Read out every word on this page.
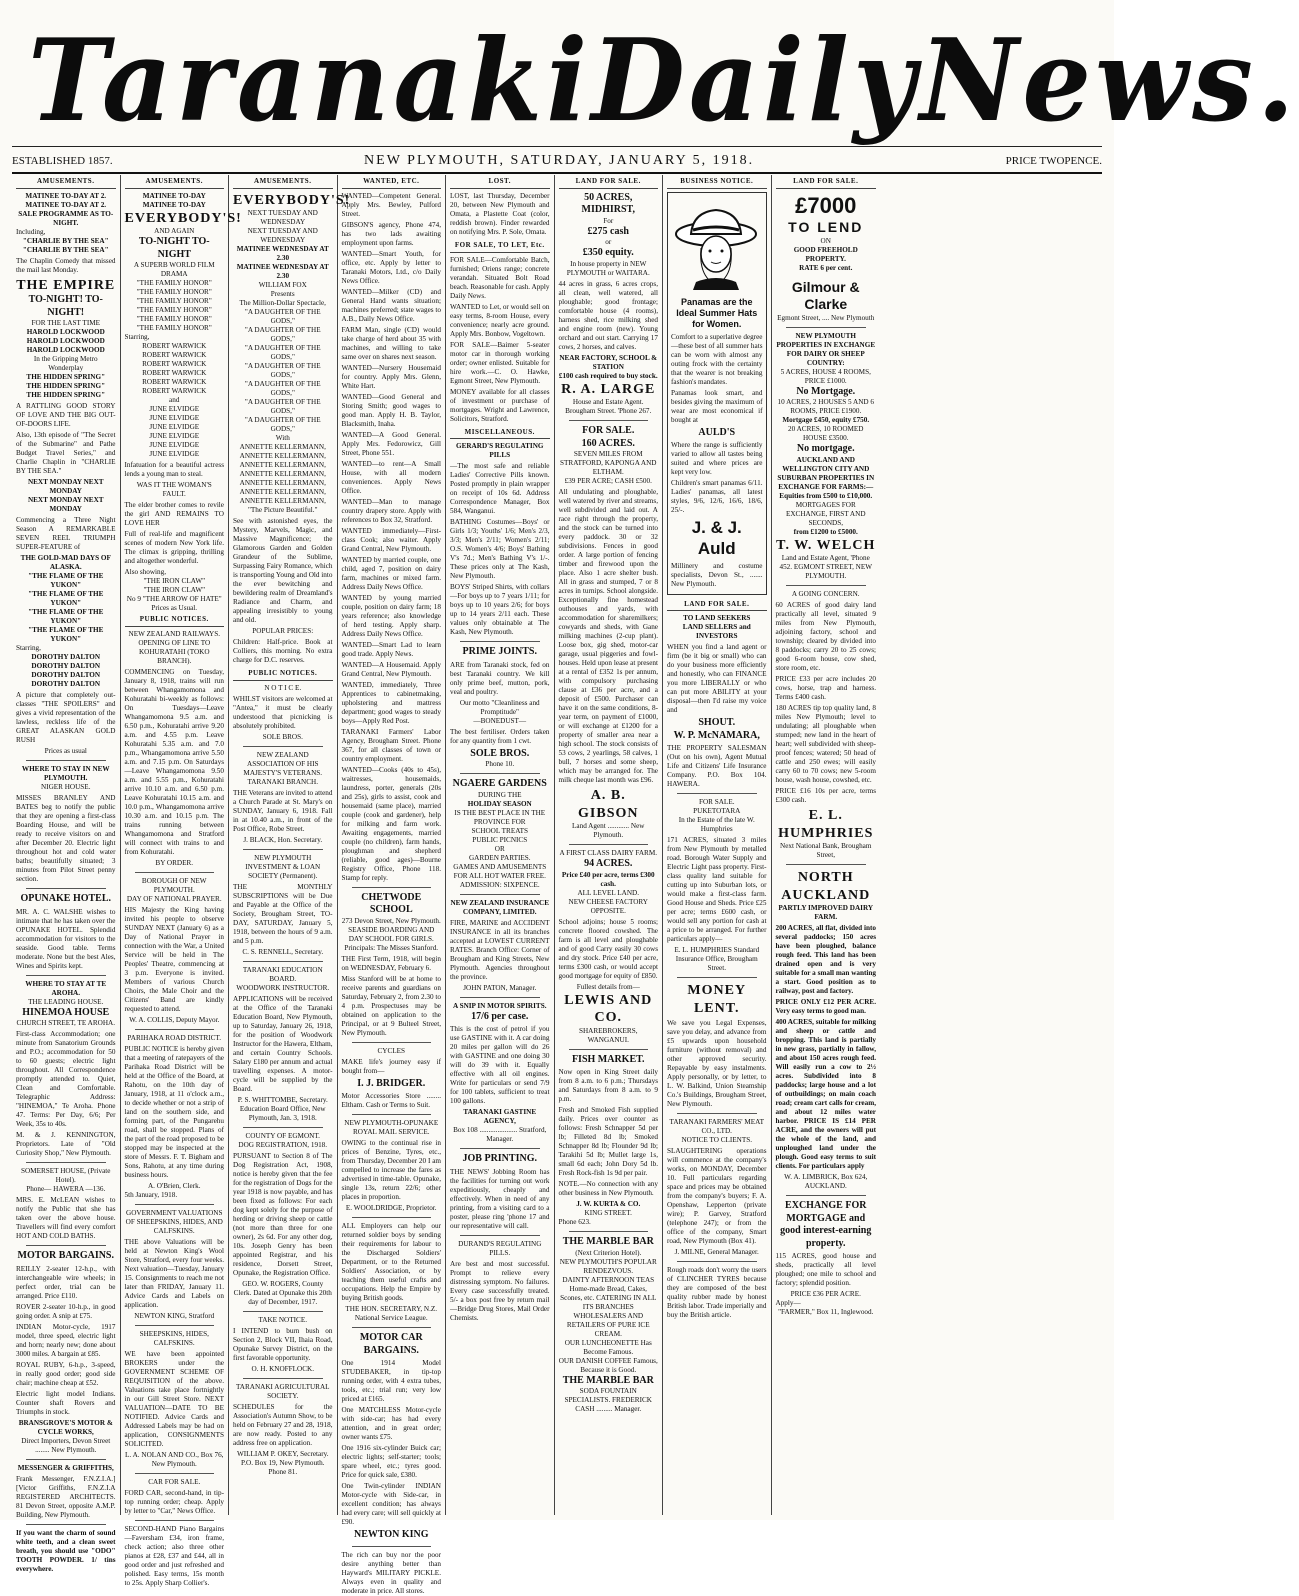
Taranaki Daily News.
ESTABLISHED 1857.	NEW PLYMOUTH, SATURDAY, JANUARY 5, 1918.	PRICE TWOPENCE.
AMUSEMENTS.
MATINEE TO-DAY AT 2.
MATINEE TO-DAY AT 2.
SALE PROGRAMME AS TO-NIGHT.
Including,
"CHARLIE BY THE SEA"
"CHARLIE BY THE SEA"

The Chaplin Comedy that missed the mail last Monday.

THE EMPIRE
TO-NIGHT! TO-NIGHT!
FOR THE LAST TIME
HAROLD LOCKWOOD
HAROLD LOCKWOOD
HAROLD LOCKWOOD
In the Gripping Metro Wonderplay
THE HIDDEN SPRING"
THE HIDDEN SPRING"
THE HIDDEN SPRING"

A RATTLING GOOD STORY OF LOVE AND THE BIG OUT-OF-DOORS LIFE.

Also, 13th episode of "The Secret of the Submarine" and Pathe Budget Travel Series," and Charlie Chaplin in "CHARLIE BY THE SEA."

NEXT MONDAY NEXT MONDAY
NEXT MONDAY NEXT MONDAY

Commencing a Three Night Season A REMARKABLE SEVEN REEL TRIUMPH SUPER-FEATURE of

THE GOLD-MAD DAYS OF ALASKA.
"THE FLAME OF THE YUKON"
"THE FLAME OF THE YUKON"
"THE FLAME OF THE YUKON"
"THE FLAME OF THE YUKON"
Starring,
DOROTHY DALTON
DOROTHY DALTON
DOROTHY DALTON
DOROTHY DALTON

A picture that completely out-classes "THE SPOILERS" and gives a vivid representation of the lawless, reckless life of the GREAT ALASKAN GOLD RUSH

Prices as usual
WHERE TO STAY IN NEW PLYMOUTH.
NIGER HOUSE.

MISSES BRANLEY AND BATES beg to notify the public that they are opening a first-class Boarding House, and will be ready to receive visitors on and after December 20. Electric light throughout hot and cold water baths; beautifully situated; 3 minutes from Pilot Street penny section.

OPUNAKE HOTEL.

MR. A. C. WALSHE wishes to intimate that he has taken over the OPUNAKE HOTEL. Splendid accommodation for visitors to the seaside. Good table. Terms moderate. None but the best Ales, Wines and Spirits kept.

WHERE TO STAY AT TE AROHA.
THE LEADING HOUSE.
HINEMOA HOUSE
CHURCH STREET, TE AROHA.

First-class Accommodation; one minute from Sanatorium Grounds and P.O.; accommodation for 50 to 60 guests; electric light throughout. All Correspondence promptly attended to. Quiet, Clean and Comfortable. Telegraphic Address: "HINEMOA," Te Aroha. Phone 47. Terms: Per Day, 6/6; Per Week, 35s to 40s.

M. & J. KENNINGTON, Proprietors. Late of "Old Curiosity Shop," New Plymouth.

SOMERSET HOUSE, (Private Hotel).
Phone— HAWERA —136.

MRS. E. McLEAN wishes to notify the Public that she has taken over the above house. Travellers will find every comfort HOT AND COLD BATHS.

MOTOR BARGAINS.

REILLY 2-seater 12-h.p., with interchangeable wire wheels; in perfect order, trial can be arranged. Price £110.

ROVER 2-seater 10-h.p., in good going order. A snip at £75.

INDIAN Motor-cycle, 1917 model, three speed, electric light and horn; nearly new; done about 3000 miles. A bargain at £85.

ROYAL RUBY, 6-h.p., 3-speed, in really good order; good side chair; machine cheap at £52.

Electric light model Indians. Counter shaft Rovers and Triumphs in stock.

BRANSGROVE'S MOTOR & CYCLE WORKS,
Direct Importers, Devon Street ........ New Plymouth.
MESSENGER & GRIFFITHS,

Frank Messenger, F.N.Z.I.A.] [Victor Griffiths, F.N.Z.I.A REGISTERED ARCHITECTS. 81 Devon Street, opposite A.M.P. Building, New Plymouth.

If you want the charm of sound white teeth, and a clean sweet breath, you should use "ODO" TOOTH POWDER. 1/ tins everywhere.

AMUSEMENTS.
MATINEE TO-DAY
MATINEE TO-DAY
EVERYBODY'S!
AND AGAIN
TO-NIGHT TO-NIGHT
A SUPERB WORLD FILM DRAMA
"THE FAMILY HONOR"
"THE FAMILY HONOR"
"THE FAMILY HONOR"
"THE FAMILY HONOR"
"THE FAMILY HONOR"
"THE FAMILY HONOR"
Starring,
ROBERT WARWICK
ROBERT WARWICK
ROBERT WARWICK
ROBERT WARWICK
ROBERT WARWICK
ROBERT WARWICK
and
JUNE ELVIDGE
JUNE ELVIDGE
JUNE ELVIDGE
JUNE ELVIDGE
JUNE ELVIDGE
JUNE ELVIDGE

Infatuation for a beautiful actress lends a young man to steal.

WAS IT THE WOMAN'S FAULT.

The elder brother comes to revile the girl AND REMAINS TO LOVE HER

Full of real-life and magnificent scenes of modern New York life. The climax is gripping, thrilling and altogether wonderful.

Also showing,
"THE IRON CLAW"
"THE IRON CLAW"
No 9 "THE ARROW OF HATE"
Prices as Usual.
PUBLIC NOTICES.
NEW ZEALAND RAILWAYS.
OPENING OF LINE TO KOHURATAHI (TOKO BRANCH).

COMMENCING on Tuesday, January 8, 1918, trains will run between Whangamomona and Kohuratahi bi-weekly as follows: On Tuesdays—Leave Whangamomona 9.5 a.m. and 6.50 p.m., Kohuratahi arrive 9.20 a.m. and 4.55 p.m. Leave Kohuratahi 5.35 a.m. and 7.0 p.m., Whangamomona arrive 5.50 a.m. and 7.15 p.m. On Saturdays—Leave Whangamomona 9.50 a.m. and 5.55 p.m., Kohuratahi arrive 10.10 a.m. and 6.50 p.m. Leave Kohuratahi 10.15 a.m. and 10.0 p.m., Whangamomona arrive 10.30 a.m. and 10.15 p.m. The trains running between Whangamomona and Stratford will connect with trains to and from Kohuratahi.

BY ORDER.
BOROUGH OF NEW PLYMOUTH.
DAY OF NATIONAL PRAYER.

HIS Majesty the King having invited his people to observe SUNDAY NEXT (January 6) as a Day of National Prayer in connection with the War, a United Service will be held in The Peoples' Theatre, commencing at 3 p.m. Everyone is invited. Members of various Church Choirs, the Male Choir and the Citizens' Band are kindly requested to attend.

W. A. COLLIS, Deputy Mayor.
PARIHAKA ROAD DISTRICT.

PUBLIC NOTICE is hereby given that a meeting of ratepayers of the Parihaka Road District will be held at the Office of the Board, at Rahotu, on the 10th day of January, 1918, at 11 o'clock a.m., to decide whether or not a strip of land on the southern side, and forming part, of the Pungarehu road, shall be stopped. Plans of the part of the road proposed to be stopped may be inspected at the store of Messrs. F. T. Bigham and Sons, Rahotu, at any time during business hours.

A. O'Brien, Clerk.
5th January, 1918.
GOVERNMENT VALUATIONS OF SHEEPSKINS, HIDES, AND CALFSKINS.

THE above Valuations will be held at Newton King's Wool Store, Stratford, every four weeks. Next valuation—Tuesday, January 15. Consignments to reach me not later than FRIDAY, January 11. Advice Cards and Labels on application.

NEWTON KING, Stratford
SHEEPSKINS, HIDES, CALFSKINS.

WE have been appointed BROKERS under the GOVERNMENT SCHEME OF REQUISITION of the above. Valuations take place fortnightly in our Gill Street Store. NEXT VALUATION—DATE TO BE NOTIFIED. Advice Cards and Addressed Labels may be had on application, CONSIGNMENTS SOLICITED.

L. A. NOLAN AND CO., Box 76, New Plymouth.
CAR FOR SALE.

FORD CAR, second-hand, in tip-top running order; cheap. Apply by letter to "Car," News Office.

SECOND-HAND Piano Bargains—Faversham £34, iron frame, check action; also three other pianos at £28, £37 and £44, all in good order and just refreshed and polished. Easy terms, 15s month to 25s. Apply Sharp Collier's.

AMUSEMENTS.
EVERYBODY'S!
NEXT TUESDAY AND WEDNESDAY
NEXT TUESDAY AND WEDNESDAY
MATINEE WEDNESDAY AT 2.30
MATINEE WEDNESDAY AT 2.30
WILLIAM FOX
Presents
The Million-Dollar Spectacle,
"A DAUGHTER OF THE GODS,"
"A DAUGHTER OF THE GODS,"
"A DAUGHTER OF THE GODS,"
"A DAUGHTER OF THE GODS,"
"A DAUGHTER OF THE GODS,"
"A DAUGHTER OF THE GODS,"
"A DAUGHTER OF THE GODS,"
With
ANNETTE KELLERMANN,
ANNETTE KELLERMANN,
ANNETTE KELLERMANN,
ANNETTE KELLERMANN,
ANNETTE KELLERMANN,
ANNETTE KELLERMANN,
ANNETTE KELLERMANN,
"The Picture Beautiful."

See with astonished eyes, the Mystery, Marvels, Magic, and Massive Magnificence; the Glamorous Garden and Golden Grandeur of the Sublime, Surpassing Fairy Romance, which is transporting Young and Old into the ever bewitching and bewildering realm of Dreamland's Radiance and Charm, and appealing irresistibly to young and old.

POPULAR PRICES:

Children: Half-price. Book at Colliers, this morning. No extra charge for D.C. reserves.

PUBLIC NOTICES.
N O T I C E.

WHILST visitors are welcomed at "Antea," it must be clearly understood that picnicking is absolutely prohibited.

SOLE BROS.
NEW ZEALAND ASSOCIATION OF HIS MAJESTY'S VETERANS.
TARANAKI BRANCH.

THE Veterans are invited to attend a Church Parade at St. Mary's on SUNDAY, January 6, 1918. Fall in at 10.40 a.m., in front of the Post Office, Robe Street.

J. BLACK, Hon. Secretary.
NEW PLYMOUTH INVESTMENT & LOAN SOCIETY (Permanent).

THE MONTHLY SUBSCRIPTIONS will be Due and Payable at the Office of the Society, Brougham Street, TO-DAY, SATURDAY, January 5, 1918, between the hours of 9 a.m. and 5 p.m.

C. S. RENNELL, Secretary.
TARANAKI EDUCATION BOARD.
WOODWORK INSTRUCTOR.

APPLICATIONS will be received at the Office of the Taranaki Education Board, New Plymouth, up to Saturday, January 26, 1918, for the position of Woodwork Instructor for the Hawera, Eltham, and certain Country Schools. Salary £180 per annum and actual travelling expenses. A motor-cycle will be supplied by the Board.

P. S. WHITTOMBE, Secretary. Education Board Office, New Plymouth, Jan. 3, 1918.
COUNTY OF EGMONT.
DOG REGISTRATION, 1918.

PURSUANT to Section 8 of The Dog Registration Act, 1908, notice is hereby given that the fee for the registration of Dogs for the year 1918 is now payable, and has been fixed as follows: For each dog kept solely for the purpose of herding or driving sheep or cattle (not more than three for one owner), 2s 6d. For any other dog, 10s. Joseph Genry has been appointed Registrar, and his residence, Dorsett Street, Opunake, the Registration Office.

GEO. W. ROGERS, County Clerk. Dated at Opunake this 20th day of December, 1917.
TAKE NOTICE.

I INTEND to burn bush on Section 2, Block VII, Ihaia Road, Opunake Survey District, on the first favorable opportunity.

O. H. KNOFFLOCK.
TARANAKI AGRICULTURAL SOCIETY.

SCHEDULES for the Association's Autumn Show, to be held on February 27 and 28, 1918, are now ready. Posted to any address free on application.

WILLIAM P. OKEY, Secretary. P.O. Box 19, New Plymouth. Phone 81.
WANTED, ETC.

WANTED—Competent General. Apply Mrs. Bewley, Pulford Street.

GIBSON'S agency, Phone 474, has two lads awaiting employment upon farms.

WANTED—Smart Youth, for office, etc. Apply by letter to Taranaki Motors, Ltd., c/o Daily News Office.

WANTED—Milker (CD) and General Hand wants situation; machines preferred; state wages to A.B., Daily News Office.

FARM Man, single (CD) would take charge of herd about 35 with machines, and willing to take same over on shares next season.

WANTED—Nursery Housemaid for country. Apply Mrs. Glenn, White Hart.

WANTED—Good General and Storing Smith; good wages to good man. Apply H. B. Taylor, Blacksmith, Inaha.

WANTED—A Good General. Apply Mrs. Fedorowicz, Gill Street, Phone 551.

WANTED—to rent—A Small House, with all modern conveniences. Apply News Office.

WANTED—Man to manage country drapery store. Apply with references to Box 32, Stratford.

WANTED immediately—First-class Cook; also waiter. Apply Grand Central, New Plymouth.

WANTED by married couple, one child, aged 7, position on dairy farm, machines or mixed farm. Address Daily News Office.

WANTED by young married couple, position on dairy farm; 18 years reference; also knowledge of herd testing. Apply sharp. Address Daily News Office.

WANTED—Smart Lad to learn good trade. Apply News.

WANTED—A Housemaid. Apply Grand Central, New Plymouth.

WANTED, immediately, Three Apprentices to cabinetmaking, upholstering and mattress department; good wages to steady boys—Apply Red Post.

TARANAKI Farmers' Labor Agency, Brougham Street. Phone 367, for all classes of town or country employment.

WANTED—Cooks (40s to 45s), waitresses, housemaids, laundress, porter, generals (20s and 25s), girls to assist, cook and housemaid (same place), married couple (cook and gardener), help for milking and farm work. Awaiting engagements, married couple (no children), farm hands, ploughman and shepherd (reliable, good ages)—Bourne Registry Office, Phone 118. Stamp for reply.

CHETWODE SCHOOL
273 Devon Street, New Plymouth.
SEASIDE BOARDING AND DAY SCHOOL FOR GIRLS.
Principals: The Misses Stanford.

THE First Term, 1918, will begin on WEDNESDAY, February 6.

Miss Stanford will be at home to receive parents and guardians on Saturday, February 2, from 2.30 to 4 p.m. Prospectuses may be obtained on application to the Principal, or at 9 Bulteel Street, New Plymouth.

CYCLES

MAKE life's journey easy if bought from—

I. J. BRIDGER.

Motor Accessories Store ........ Eltham. Cash or Terms to Suit.

NEW PLYMOUTH-OPUNAKE ROYAL MAIL SERVICE.

OWING to the continual rise in prices of Benzine, Tyres, etc., from Thursday, December 20 I am compelled to increase the fares as advertised in time-table. Opunake, single 13s, return 22/6; other places in proportion.

E. WOOLDRIDGE, Proprietor.

ALL Employers can help our returned soldier boys by sending their requirements for labour to the Discharged Soldiers' Department, or to the Returned Soldiers' Association, or by teaching them useful crafts and occupations. Help the Empire by buying British goods.

THE HON. SECRETARY, N.Z. National Service League.
MOTOR CAR BARGAINS.

One 1914 Model STUDEBAKER, in tip-top running order, with 4 extra tubes, tools, etc.; trial run; very low priced at £165.

One MATCHLESS Motor-cycle with side-car; has had every attention, and in great order; owner wants £75.

One 1916 six-cylinder Buick car; electric lights; self-starter; tools; spare wheel, etc.; tyres good. Price for quick sale, £380.

One Twin-cylinder INDIAN Motor-cycle with Side-car, in excellent condition; has always had every care; will sell quickly at £90.

NEWTON KING

The rich can buy nor the poor desire anything better than Hayward's MILITARY PICKLE. Always even in quality and moderate in price. All stores.

LOST.

LOST, last Thursday, December 20, between New Plymouth and Omata, a Plastette Coat (color, reddish brown). Finder rewarded on notifying Mrs. P. Sole, Omata.

FOR SALE, TO LET, Etc.

FOR SALE—Comfortable Batch, furnished; Oriens range; concrete verandah. Situated Bolt Road beach. Reasonable for cash. Apply Daily News.

WANTED to Let, or would sell on easy terms, 8-room House, every convenience; nearly acre ground. Apply Mrs. Bonbow, Vogeltown.

FOR SALE—Baimer 5-seater motor car in thorough working order; owner enlisted. Suitable for hire work.—C. O. Hawke, Egmont Street, New Plymouth.

MONEY available for all classes of investment or purchase of mortgages. Wright and Lawrence, Solicitors, Stratford.

MISCELLANEOUS.
GERARD'S REGULATING PILLS

—The most safe and reliable Ladies' Corrective Pills known. Posted promptly in plain wrapper on receipt of 10s 6d. Address Correspondence Manager, Box 584, Wanganui.

BATHING Costumes—Boys' or Girls 1/3; Youths' 1/6; Men's 2/3, 3/3; Men's 2/11; Women's 2/11; O.S. Women's 4/6; Boys' Bathing V's 7d.; Men's Bathing V's 1/-. These prices only at The Kash, New Plymouth.

BOYS' Striped Shirts, with collars—For boys up to 7 years 1/11; for boys up to 10 years 2/6; for boys up to 14 years 2/11 each. These values only obtainable at The Kash, New Plymouth.

PRIME JOINTS.

ARE from Taranaki stock, fed on best Taranaki country. We kill only prime beef, mutton, pork, veal and poultry.

Our motto "Cleanliness and Promptitude"
—BONEDUST—

The best fertiliser. Orders taken for any quantity from 1 cwt.

SOLE BROS.
Phone 10.
NGAERE GARDENS
DURING THE
HOLIDAY SEASON
IS THE BEST PLACE IN THE PROVINCE FOR
SCHOOL TREATS
PUBLIC PICNICS
OR
GARDEN PARTIES.
GAMES AND AMUSEMENTS FOR ALL HOT WATER FREE.
ADMISSION: SIXPENCE.
NEW ZEALAND INSURANCE COMPANY, LIMITED.

FIRE, MARINE and ACCIDENT INSURANCE in all its branches accepted at LOWEST CURRENT RATES. Branch Office: Corner of Brougham and King Streets, New Plymouth. Agencies throughout the province.

JOHN PATON, Manager.
A SNIP IN MOTOR SPIRITS.
17/6 per case.

This is the cost of petrol if you use GASTINE with it. A car doing 20 miles per gallon will do 26 with GASTINE and one doing 30 will do 39 with it. Equally effective with all oil engines. Write for particulars or send 7/9 for 100 tablets, sufficient to treat 100 gallons.

TARANAKI GASTINE AGENCY,
Box 108 ..................... Stratford, Manager.
JOB PRINTING.

THE NEWS' Jobbing Room has the facilities for turning out work expeditiously, cheaply and effectively. When in need of any printing, from a visiting card to a poster, please ring 'phone 17 and our representative will call.

DURAND'S REGULATING PILLS.

Are best and most successful. Prompt to relieve every distressing symptom. No failures. Every case successfully treated. 5/- a box post free by return mail—Bridge Drug Stores, Mail Order Chemists.

LAND FOR SALE.
50 ACRES, MIDHIRST,
For
£275 cash
or
£350 equity.
In house property in NEW PLYMOUTH or WAITARA.

44 acres in grass, 6 acres crops, all clean, well watered, all ploughable; good frontage; comfortable house (4 rooms), harness shed, rice milking shed and engine room (new). Young orchard and out start. Carrying 17 cows, 2 horses, and calves.

NEAR FACTORY, SCHOOL & STATION
£100 cash required to buy stock.
R. A. LARGE
House and Estate Agent. Brougham Street. 'Phone 267.
FOR SALE.
160 ACRES.
SEVEN MILES FROM STRATFORD, KAPONGA AND ELTHAM.
£39 PER ACRE; CASH £500.

All undulating and ploughable, well watered by river and streams, well subdivided and laid out. A race right through the property, and the stock can be turned into every paddock. 30 or 32 subdivisions. Fences in good order. A large portion of fencing timber and firewood upon the place. Also 1 acre shelter bush. All in grass and stumped, 7 or 8 acres in turnips. School alongside. Exceptionally fine homestead outhouses and yards, with accommodation for sharemilkers; cowyards and sheds, with Gane milking machines (2-cup plant). Loose box, gig shed, motor-car garage, usual piggeries and fowl-houses. Held upon lease at present at a rental of £352 1s per annum, with compulsory purchasing clause at £36 per acre, and a deposit of £500. Purchaser can have it on the same conditions, 8-year term, on payment of £1000, or will exchange at £1200 for a property of smaller area near a high school. The stock consists of 53 cows, 2 yearlings, 58 calves, 1 bull, 7 horses and some sheep, which may be arranged for. The milk cheque last month was £96.

A. B. GIBSON
Land Agent ............ New Plymouth.
A FIRST CLASS DAIRY FARM.
94 ACRES.
Price £40 per acre, terms £300 cash.
ALL LEVEL LAND.
NEW CHEESE FACTORY OPPOSITE.

School adjoins; house 5 rooms; concrete floored cowshed. The farm is all level and ploughable and of good Carry easily 30 cows and dry stock. Price £40 per acre, terms £300 cash, or would accept good mortgage for equity of £850.

Fullest details from—
LEWIS AND CO.
SHAREBROKERS, WANGANUI.
FISH MARKET.

Now open in King Street daily from 8 a.m. to 6 p.m.; Thursdays and Saturdays from 8 a.m. to 9 p.m.

Fresh and Smoked Fish supplied daily. Prices over counter as follows: Fresh Schnapper 5d per lb; Filleted 8d lb; Smoked Schnapper 8d lb; Flounder 9d lb; Tarakihi 5d lb; Mullet large 1s, small 6d each; John Dory 5d lb. Fresh Rock-fish 1s 9d per pair.

NOTE.—No connection with any other business in New Plymouth.

J. W. KURTA & CO.
KING STREET.
Phone 623.
THE MARBLE BAR
(Next Criterion Hotel).
NEW PLYMOUTH'S POPULAR RENDEZVOUS.
DAINTY AFTERNOON TEAS Home-made Bread, Cakes, Scones, etc. CATERING IN ALL ITS BRANCHES WHOLESALERS AND RETAILERS OF PURE ICE CREAM.
OUR LUNCHEONETTE Has Become Famous.
OUR DANISH COFFEE Famous, Because it is Good.
THE MARBLE BAR
SODA FOUNTAIN SPECIALISTS. FREDERICK CASH ......... Manager.
BUSINESS NOTICE.
Panamas are the Ideal Summer Hats for Women.

Comfort to a superlative degree—these best of all summer hats can be worn with almost any outing frock with the certainty that the wearer is not breaking fashion's mandates.

Panamas look smart, and besides giving the maximum of wear are most economical if bought at

AULD'S

Where the range is sufficiently varied to allow all tastes being suited and where prices are kept very low.

Children's smart panamas 6/11. Ladies' panamas, all latest styles, 9/6, 12/6, 16/6, 18/6, 25/-.

J. & J. Auld

Millinery and costume specialists, Devon St., ....... New Plymouth.

LAND FOR SALE.
TO LAND SEEKERS
LAND SELLERS and
INVESTORS

WHEN you find a land agent or firm (be it big or small) who can do your business more efficiently and honestly, who can FINANCE you more LIBERALLY or who can put more ABILITY at your disposal—then I'd raise my voice and

SHOUT.
W. P. McNAMARA,

THE PROPERTY SALESMAN (Out on his own), Agent Mutual Life and Citizens' Life Insurance Company. P.O. Box 104. HAWERA.

FOR SALE.
PUKETOTARA
In the Estate of the late W. Humphries

171 ACRES, situated 3 miles from New Plymouth by metalled road. Borough Water Supply and Electric Light pass property. First-class quality land suitable for cutting up into Suburban lots, or would make a first-class farm. Good House and Sheds. Price £25 per acre; terms £600 cash, or would sell any portion for cash at a price to be arranged. For further particulars apply—

E. L. HUMPHRIES Standard Insurance Office, Brougham Street.
MONEY LENT.

We save you Legal Expenses, save you delay, and advance from £5 upwards upon household furniture (without removal) and other approved security. Repayable by easy instalments. Apply personally, or by letter, to L. W. Balkind, Union Steamship Co.'s Buildings, Brougham Street, New Plymouth.

TARANAKI FARMERS' MEAT CO., LTD.
NOTICE TO CLIENTS.

SLAUGHTERING operations will commence at the company's works, on MONDAY, December 10. Full particulars regarding space and prices may be obtained from the company's buyers; F. A. Openshaw, Lepperton (private wire); P. Garvey, Stratford (telephone 247); or from the office of the company, Smart road, New Plymouth (Box 41).

J. MILNE, General Manager.

Rough roads don't worry the users of CLINCHER TYRES because they are composed of the best quality rubber made by honest British labor. Trade imperially and buy the British article.

LAND FOR SALE.
£7000
TO LEND
ON
GOOD FREEHOLD PROPERTY.
RATE 6 per cent.
Gilmour & Clarke
Egmont Street, .... New Plymouth
NEW PLYMOUTH PROPERTIES IN EXCHANGE FOR DAIRY OR SHEEP COUNTRY:
5 ACRES, HOUSE 4 ROOMS, PRICE £1000.
No Mortgage.
10 ACRES, 2 HOUSES 5 AND 6 ROOMS, PRICE £1900.
Mortgage £450, equity £750.
20 ACRES, 10 ROOMED HOUSE £3500.
No mortgage.
AUCKLAND AND WELLINGTON CITY AND SUBURBAN PROPERTIES IN EXCHANGE FOR FARMS:—
Equities from £500 to £10,000.
MORTGAGES FOR EXCHANGE, FIRST AND SECONDS,
from £1200 to £5000.
T. W. WELCH
Land and Estate Agent, 'Phone 452. EGMONT STREET, NEW PLYMOUTH.
A GOING CONCERN.

60 ACRES of good dairy land practically all level, situated 9 miles from New Plymouth, adjoining factory, school and township; cleared by divided into 8 paddocks; carry 20 to 25 cows; good 6-room house, cow shed, store room, etc.

PRICE £33 per acre includes 20 cows, horse, trap and harness. Terms £400 cash.

180 ACRES tip top quality land, 8 miles New Plymouth; level to undulating; all ploughable when stumped; new land in the heart of heart; well subdivided with sheep-proof fences; watered; 50 head of cattle and 250 ewes; will easily carry 60 to 70 cows; new 5-room house, wash house, cowshed, etc.

PRICE £16 10s per acre, terms £300 cash.

E. L. HUMPHRIES
Next National Bank, Brougham Street,
NORTH AUCKLAND
PARTLY IMPROVED DAIRY FARM.

200 ACRES, all flat, divided into several paddocks; 150 acres have been ploughed, balance rough feed. This land has been drained open and is very suitable for a small man wanting a start. Good position as to railway, post and factory.

PRICE ONLY £12 PER ACRE. Very easy terms to good man.

400 ACRES, suitable for milking and sheep or cattle and bropping. This land is partially in new grass, partially in fallow, and about 150 acres rough feed. Will easily run a cow to 2½ acres. Subdivided into 8 paddocks; large house and a lot of outbuildings; on main coach road; cream cart calls for cream, and about 12 miles water harbor. PRICE IS £14 PER ACRE, and the owners will put the whole of the land, and unploughed land under the plough. Good easy terms to suit clients. For particulars apply

W. A. LIMBRICK, Box 624, AUCKLAND.
EXCHANGE FOR MORTGAGE and good interest-earning property.

115 ACRES, good house and sheds, practically all level ploughed; one mile to school and factory; splendid position.

PRICE £36 PER ACRE.
Apply—
"FARMER," Box 11, Inglewood.
